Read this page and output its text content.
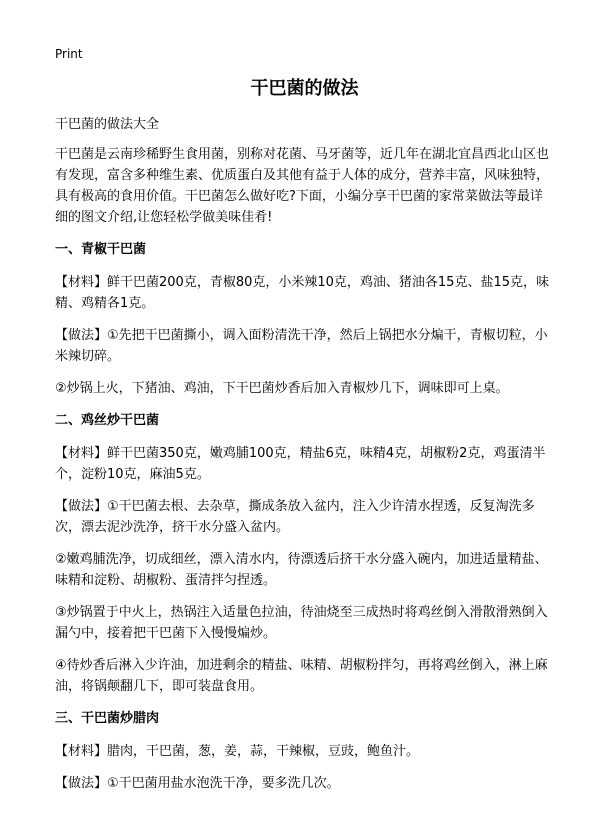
Print
干巴菌的做法
干巴菌的做法大全
干巴菌是云南珍稀野生食用菌，别称对花菌、马牙菌等，近几年在湖北宜昌西北山区也有发现，富含多种维生素、优质蛋白及其他有益于人体的成分，营养丰富，风味独特，具有极高的食用价值。干巴菌怎么做好吃?下面，小编分享干巴菌的家常菜做法等最详细的图文介绍,让您轻松学做美味佳肴!
一、青椒干巴菌
【材料】鲜干巴菌200克，青椒80克，小米辣10克，鸡油、猪油各15克、盐15克，味精、鸡精各1克。
【做法】①先把干巴菌撕小，调入面粉清洗干净，然后上锅把水分煸干，青椒切粒，小米辣切碎。
②炒锅上火，下猪油、鸡油，下干巴菌炒香后加入青椒炒几下，调味即可上桌。
二、鸡丝炒干巴菌
【材料】鲜干巴菌350克，嫩鸡脯100克，精盐6克，味精4克，胡椒粉2克，鸡蛋清半个，淀粉10克，麻油5克。
【做法】①干巴菌去根、去杂草，撕成条放入盆内，注入少许清水捏透，反复淘洗多次，漂去泥沙洗净，挤干水分盛入盆内。
②嫩鸡脯洗净，切成细丝，漂入清水内，待漂透后挤干水分盛入碗内，加进适量精盐、味精和淀粉、胡椒粉、蛋清拌匀捏透。
③炒锅置于中火上，热锅注入适量色拉油，待油烧至三成热时将鸡丝倒入滑散滑熟倒入漏勺中，接着把干巴菌下入慢慢煸炒。
④待炒香后淋入少许油，加进剩余的精盐、味精、胡椒粉拌匀，再将鸡丝倒入，淋上麻油，将锅颠翻几下，即可装盘食用。
三、干巴菌炒腊肉
【材料】腊肉，干巴菌，葱，姜，蒜，干辣椒，豆豉，鲍鱼汁。
【做法】①干巴菌用盐水泡洗干净，要多洗几次。
